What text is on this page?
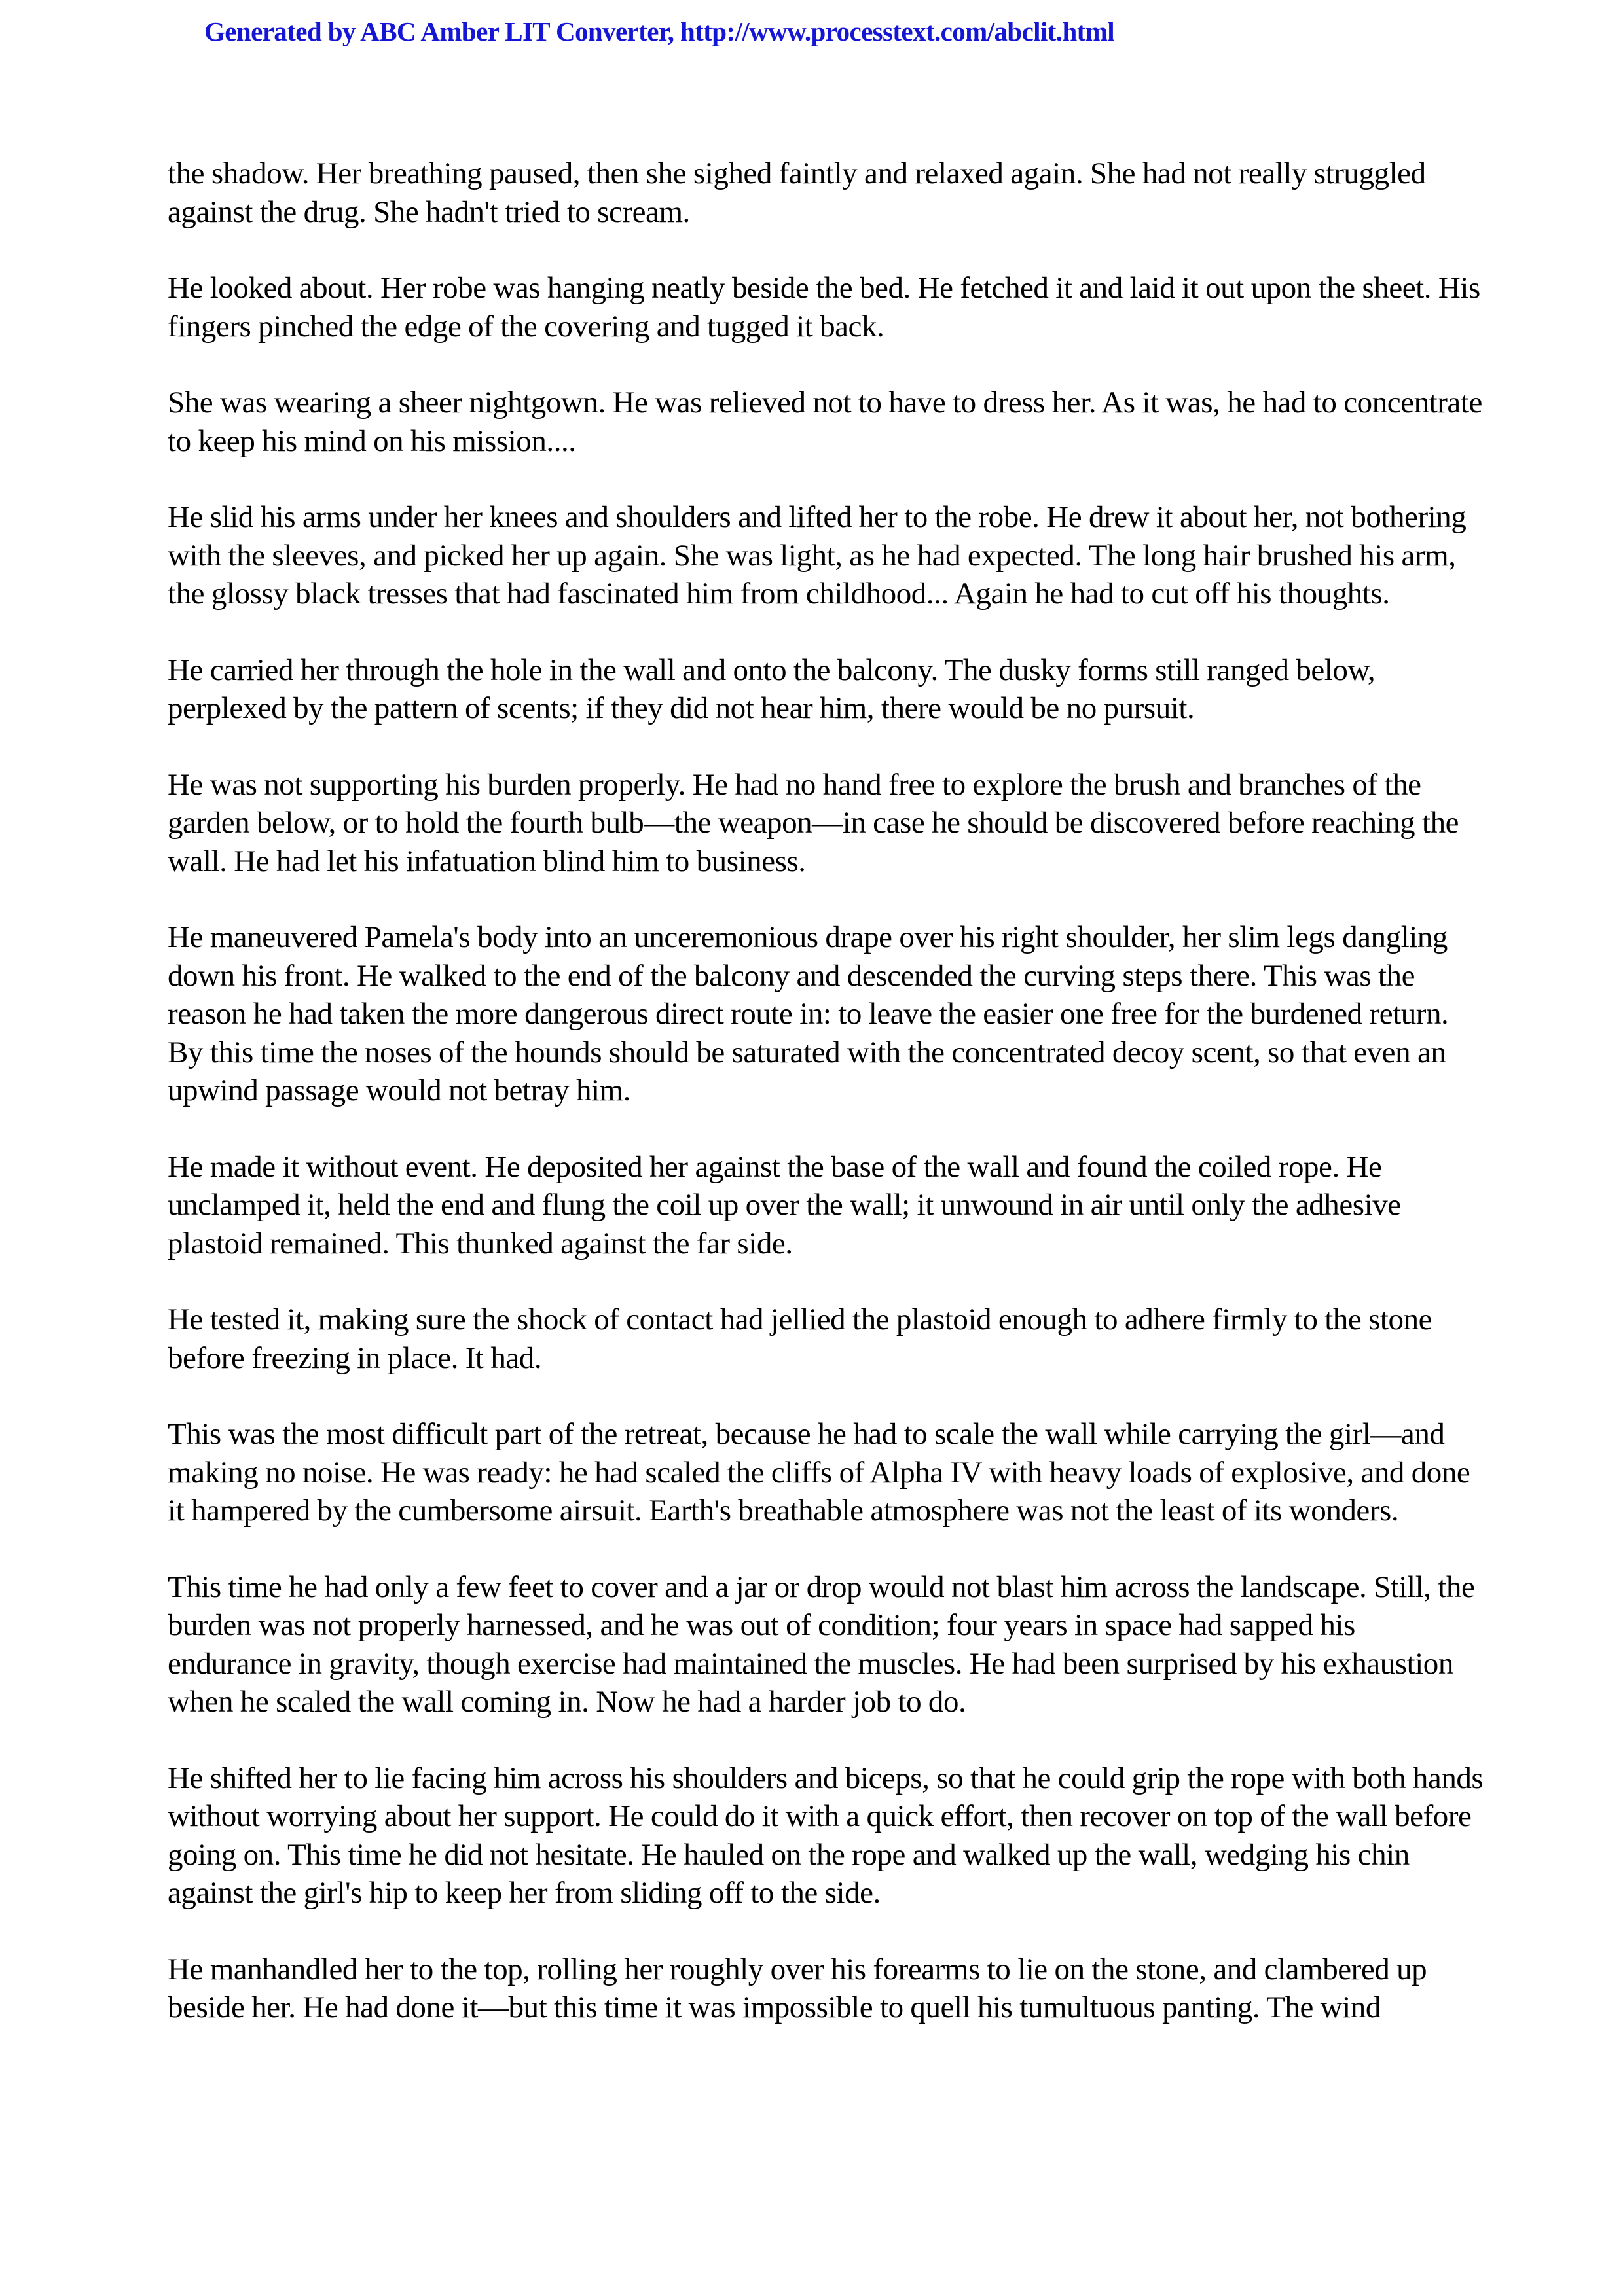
Generated by ABC Amber LIT Converter, http://www.processtext.com/abclit.html

the shadow. Her breathing paused, then she sighed faintly and relaxed again. She had not really struggled against the drug. She hadn't tried to scream.

He looked about. Her robe was hanging neatly beside the bed. He fetched it and laid it out upon the sheet. His fingers pinched the edge of the covering and tugged it back.

She was wearing a sheer nightgown. He was relieved not to have to dress her. As it was, he had to concentrate to keep his mind on his mission....

He slid his arms under her knees and shoulders and lifted her to the robe. He drew it about her, not bothering with the sleeves, and picked her up again. She was light, as he had expected. The long hair brushed his arm, the glossy black tresses that had fascinated him from childhood... Again he had to cut off his thoughts.

He carried her through the hole in the wall and onto the balcony. The dusky forms still ranged below, perplexed by the pattern of scents; if they did not hear him, there would be no pursuit.

He was not supporting his burden properly. He had no hand free to explore the brush and branches of the garden below, or to hold the fourth bulb—the weapon—in case he should be discovered before reaching the wall. He had let his infatuation blind him to business.

He maneuvered Pamela's body into an unceremonious drape over his right shoulder, her slim legs dangling down his front. He walked to the end of the balcony and descended the curving steps there. This was the reason he had taken the more dangerous direct route in: to leave the easier one free for the burdened return. By this time the noses of the hounds should be saturated with the concentrated decoy scent, so that even an upwind passage would not betray him.

He made it without event. He deposited her against the base of the wall and found the coiled rope. He unclamped it, held the end and flung the coil up over the wall; it unwound in air until only the adhesive plastoid remained. This thunked against the far side.

He tested it, making sure the shock of contact had jellied the plastoid enough to adhere firmly to the stone before freezing in place. It had.

This was the most difficult part of the retreat, because he had to scale the wall while carrying the girl—and making no noise. He was ready: he had scaled the cliffs of Alpha IV with heavy loads of explosive, and done it hampered by the cumbersome airsuit. Earth's breathable atmosphere was not the least of its wonders.

This time he had only a few feet to cover and a jar or drop would not blast him across the landscape. Still, the burden was not properly harnessed, and he was out of condition; four years in space had sapped his endurance in gravity, though exercise had maintained the muscles. He had been surprised by his exhaustion when he scaled the wall coming in. Now he had a harder job to do.

He shifted her to lie facing him across his shoulders and biceps, so that he could grip the rope with both hands without worrying about her support. He could do it with a quick effort, then recover on top of the wall before going on. This time he did not hesitate. He hauled on the rope and walked up the wall, wedging his chin against the girl's hip to keep her from sliding off to the side.

He manhandled her to the top, rolling her roughly over his forearms to lie on the stone, and clambered up beside her. He had done it—but this time it was impossible to quell his tumultuous panting. The wind
